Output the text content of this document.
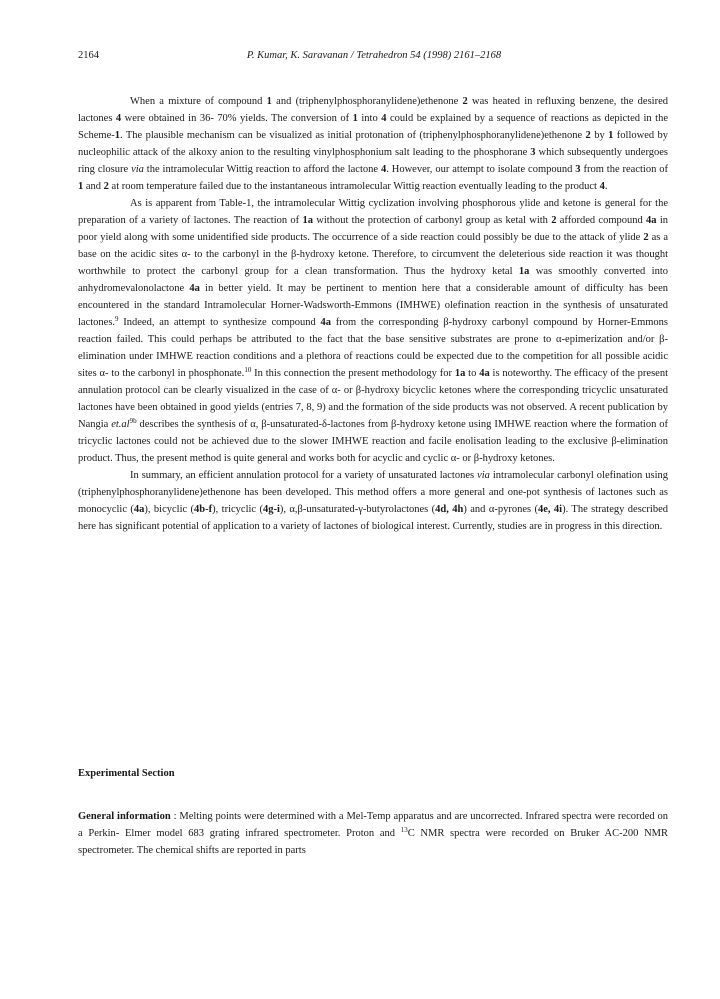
2164	P. Kumar, K. Saravanan / Tetrahedron 54 (1998) 2161–2168

When a mixture of compound 1 and (triphenylphosphoranylidene)ethenone 2 was heated in refluxing benzene, the desired lactones 4 were obtained in 36- 70% yields. The conversion of 1 into 4 could be explained by a sequence of reactions as depicted in the Scheme-1. The plausible mechanism can be visualized as initial protonation of (triphenylphosphoranylidene)ethenone 2 by 1 followed by nucleophilic attack of the alkoxy anion to the resulting vinylphosphonium salt leading to the phosphorane 3 which subsequently undergoes ring closure via the intramolecular Wittig reaction to afford the lactone 4. However, our attempt to isolate compound 3 from the reaction of 1 and 2 at room temperature failed due to the instantaneous intramolecular Wittig reaction eventually leading to the product 4.

As is apparent from Table-1, the intramolecular Wittig cyclization involving phosphorous ylide and ketone is general for the preparation of a variety of lactones. The reaction of 1a without the protection of carbonyl group as ketal with 2 afforded compound 4a in poor yield along with some unidentified side products. The occurrence of a side reaction could possibly be due to the attack of ylide 2 as a base on the acidic sites α- to the carbonyl in the β-hydroxy ketone. Therefore, to circumvent the deleterious side reaction it was thought worthwhile to protect the carbonyl group for a clean transformation. Thus the hydroxy ketal 1a was smoothly converted into anhydromevalonolactone 4a in better yield. It may be pertinent to mention here that a considerable amount of difficulty has been encountered in the standard Intramolecular Horner-Wadsworth-Emmons (IMHWE) olefination reaction in the synthesis of unsaturated lactones.$^9$ Indeed, an attempt to synthesize compound 4a from the corresponding β-hydroxy carbonyl compound by Horner-Emmons reaction failed. This could perhaps be attributed to the fact that the base sensitive substrates are prone to α-epimerization and/or β-elimination under IMHWE reaction conditions and a plethora of reactions could be expected due to the competition for all possible acidic sites α- to the carbonyl in phosphonate.$^{10}$ In this connection the present methodology for 1a to 4a is noteworthy. The efficacy of the present annulation protocol can be clearly visualized in the case of α- or β-hydroxy bicyclic ketones where the corresponding tricyclic unsaturated lactones have been obtained in good yields (entries 7, 8, 9) and the formation of the side products was not observed. A recent publication by Nangia $et.al^{9b}$ describes the synthesis of α, β-unsaturated-δ-lactones from β-hydroxy ketone using IMHWE reaction where the formation of tricyclic lactones could not be achieved due to the slower IMHWE reaction and facile enolisation leading to the exclusive β-elimination product. Thus, the present method is quite general and works both for acyclic and cyclic α- or β-hydroxy ketones.

In summary, an efficient annulation protocol for a variety of unsaturated lactones via intramolecular carbonyl olefination using (triphenylphosphoranylidene)ethenone has been developed. This method offers a more general and one-pot synthesis of lactones such as monocyclic (4a), bicyclic (4b-f), tricyclic (4g-i), α,β-unsaturated-γ-butyrolactones (4d, 4h) and α-pyrones (4e, 4i). The strategy described here has significant potential of application to a variety of lactones of biological interest. Currently, studies are in progress in this direction.

Experimental Section

General information : Melting points were determined with a Mel-Temp apparatus and are uncorrected. Infrared spectra were recorded on a Perkin- Elmer model 683 grating infrared spectrometer. Proton and $^{13}$C NMR spectra were recorded on Bruker AC-200 NMR spectrometer. The chemical shifts are reported in parts
